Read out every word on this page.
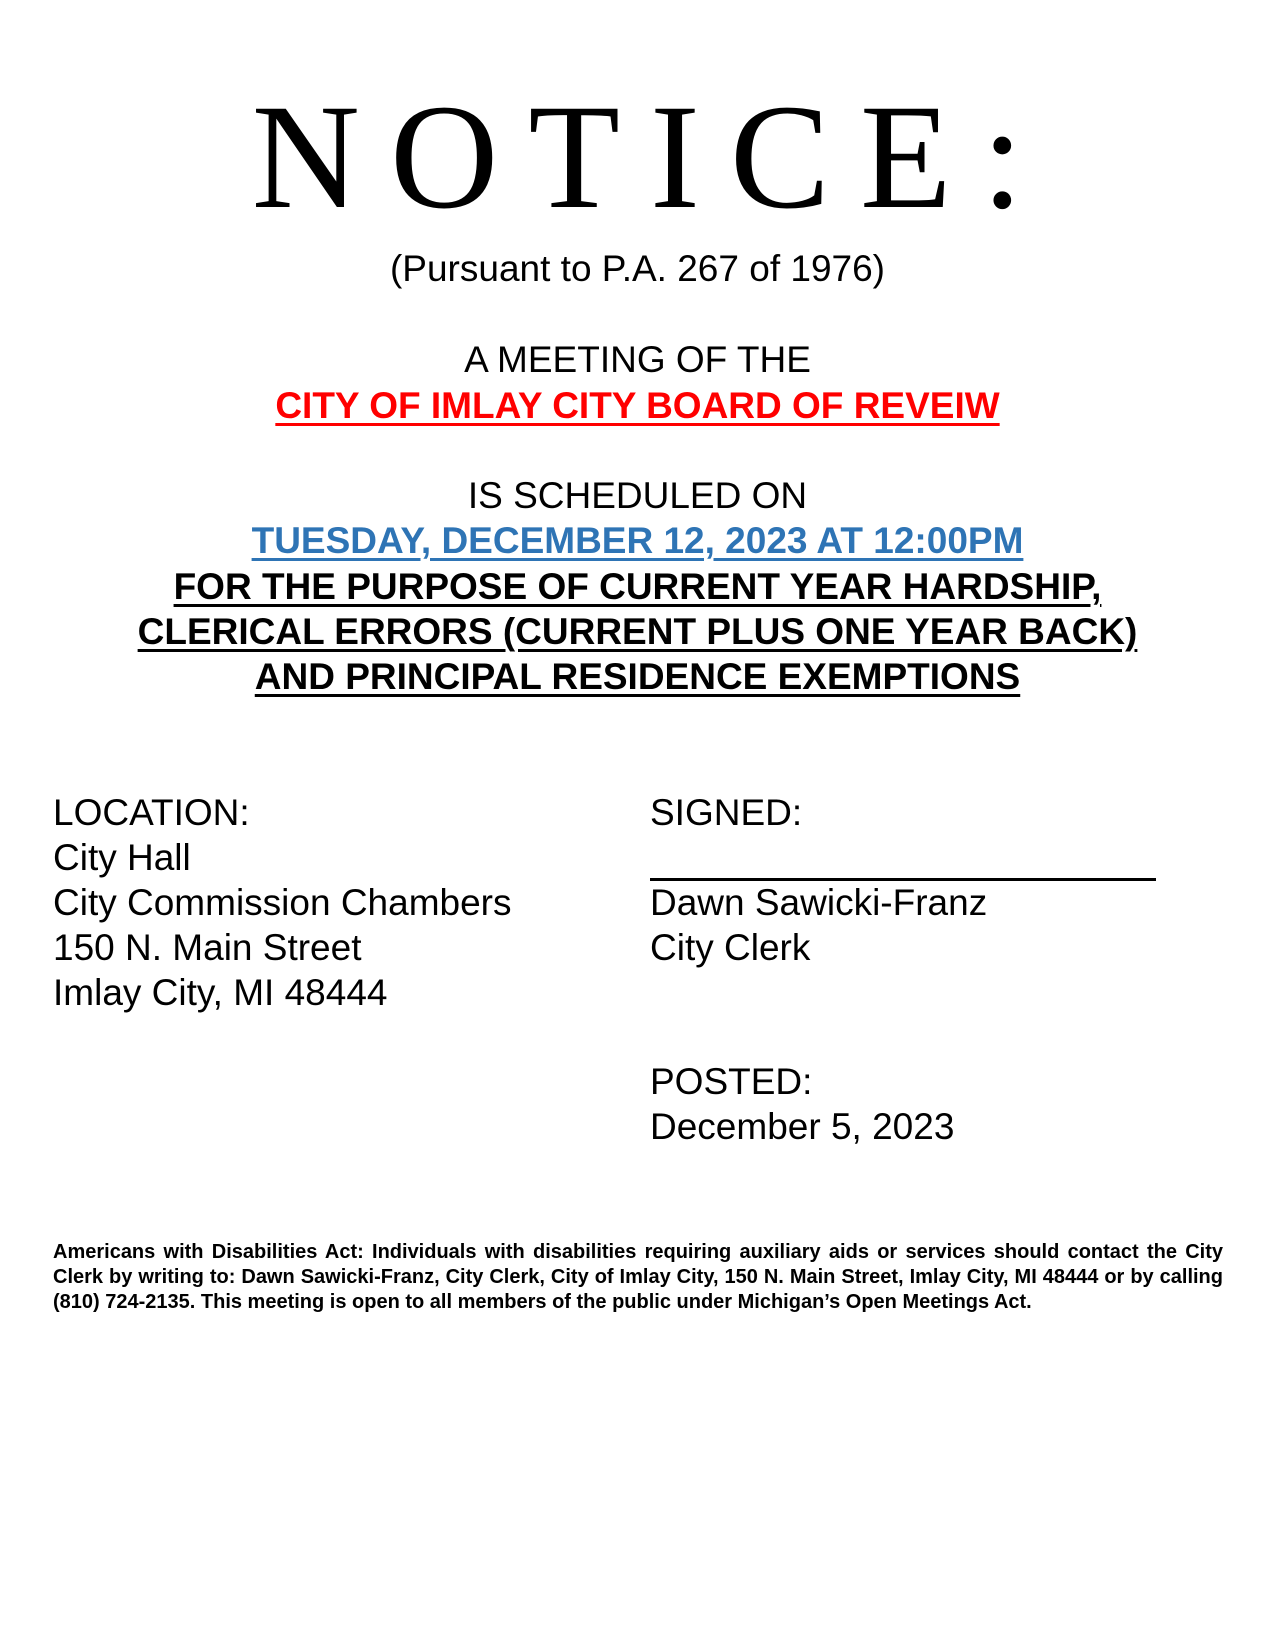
NOTICE:
(Pursuant to P.A. 267 of 1976)
A MEETING OF THE
CITY OF IMLAY CITY BOARD OF REVEIW
IS SCHEDULED ON
TUESDAY, DECEMBER 12, 2023 AT 12:00PM
FOR THE PURPOSE OF CURRENT YEAR HARDSHIP,
CLERICAL ERRORS (CURRENT PLUS ONE YEAR BACK)
AND PRINCIPAL RESIDENCE EXEMPTIONS
LOCATION:
City Hall
City Commission Chambers
150 N. Main Street
Imlay City, MI 48444
SIGNED:
Dawn Sawicki-Franz
City Clerk
POSTED:
December 5, 2023
Americans with Disabilities Act: Individuals with disabilities requiring auxiliary aids or services should contact the City Clerk by writing to: Dawn Sawicki-Franz, City Clerk, City of Imlay City, 150 N. Main Street, Imlay City, MI 48444 or by calling (810) 724-2135. This meeting is open to all members of the public under Michigan’s Open Meetings Act.
